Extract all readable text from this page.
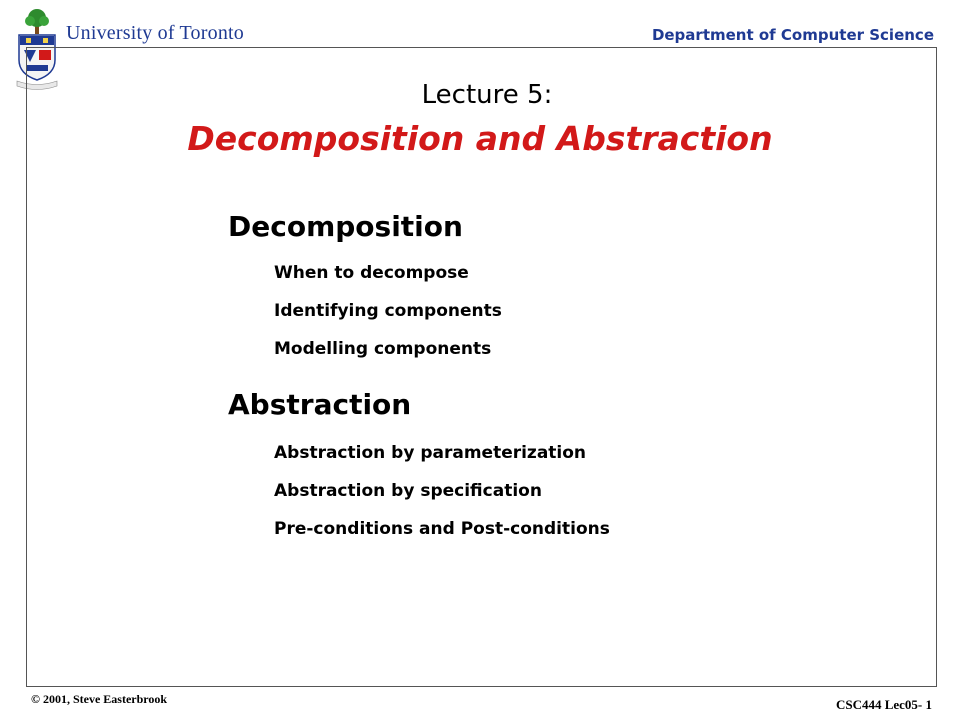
University of Toronto	Department of Computer Science
Lecture 5:
Decomposition and Abstraction
Decomposition
When to decompose
Identifying components
Modelling components
Abstraction
Abstraction by parameterization
Abstraction by specification
Pre-conditions and Post-conditions
© 2001, Steve Easterbrook	CSC444 Lec05- 1
